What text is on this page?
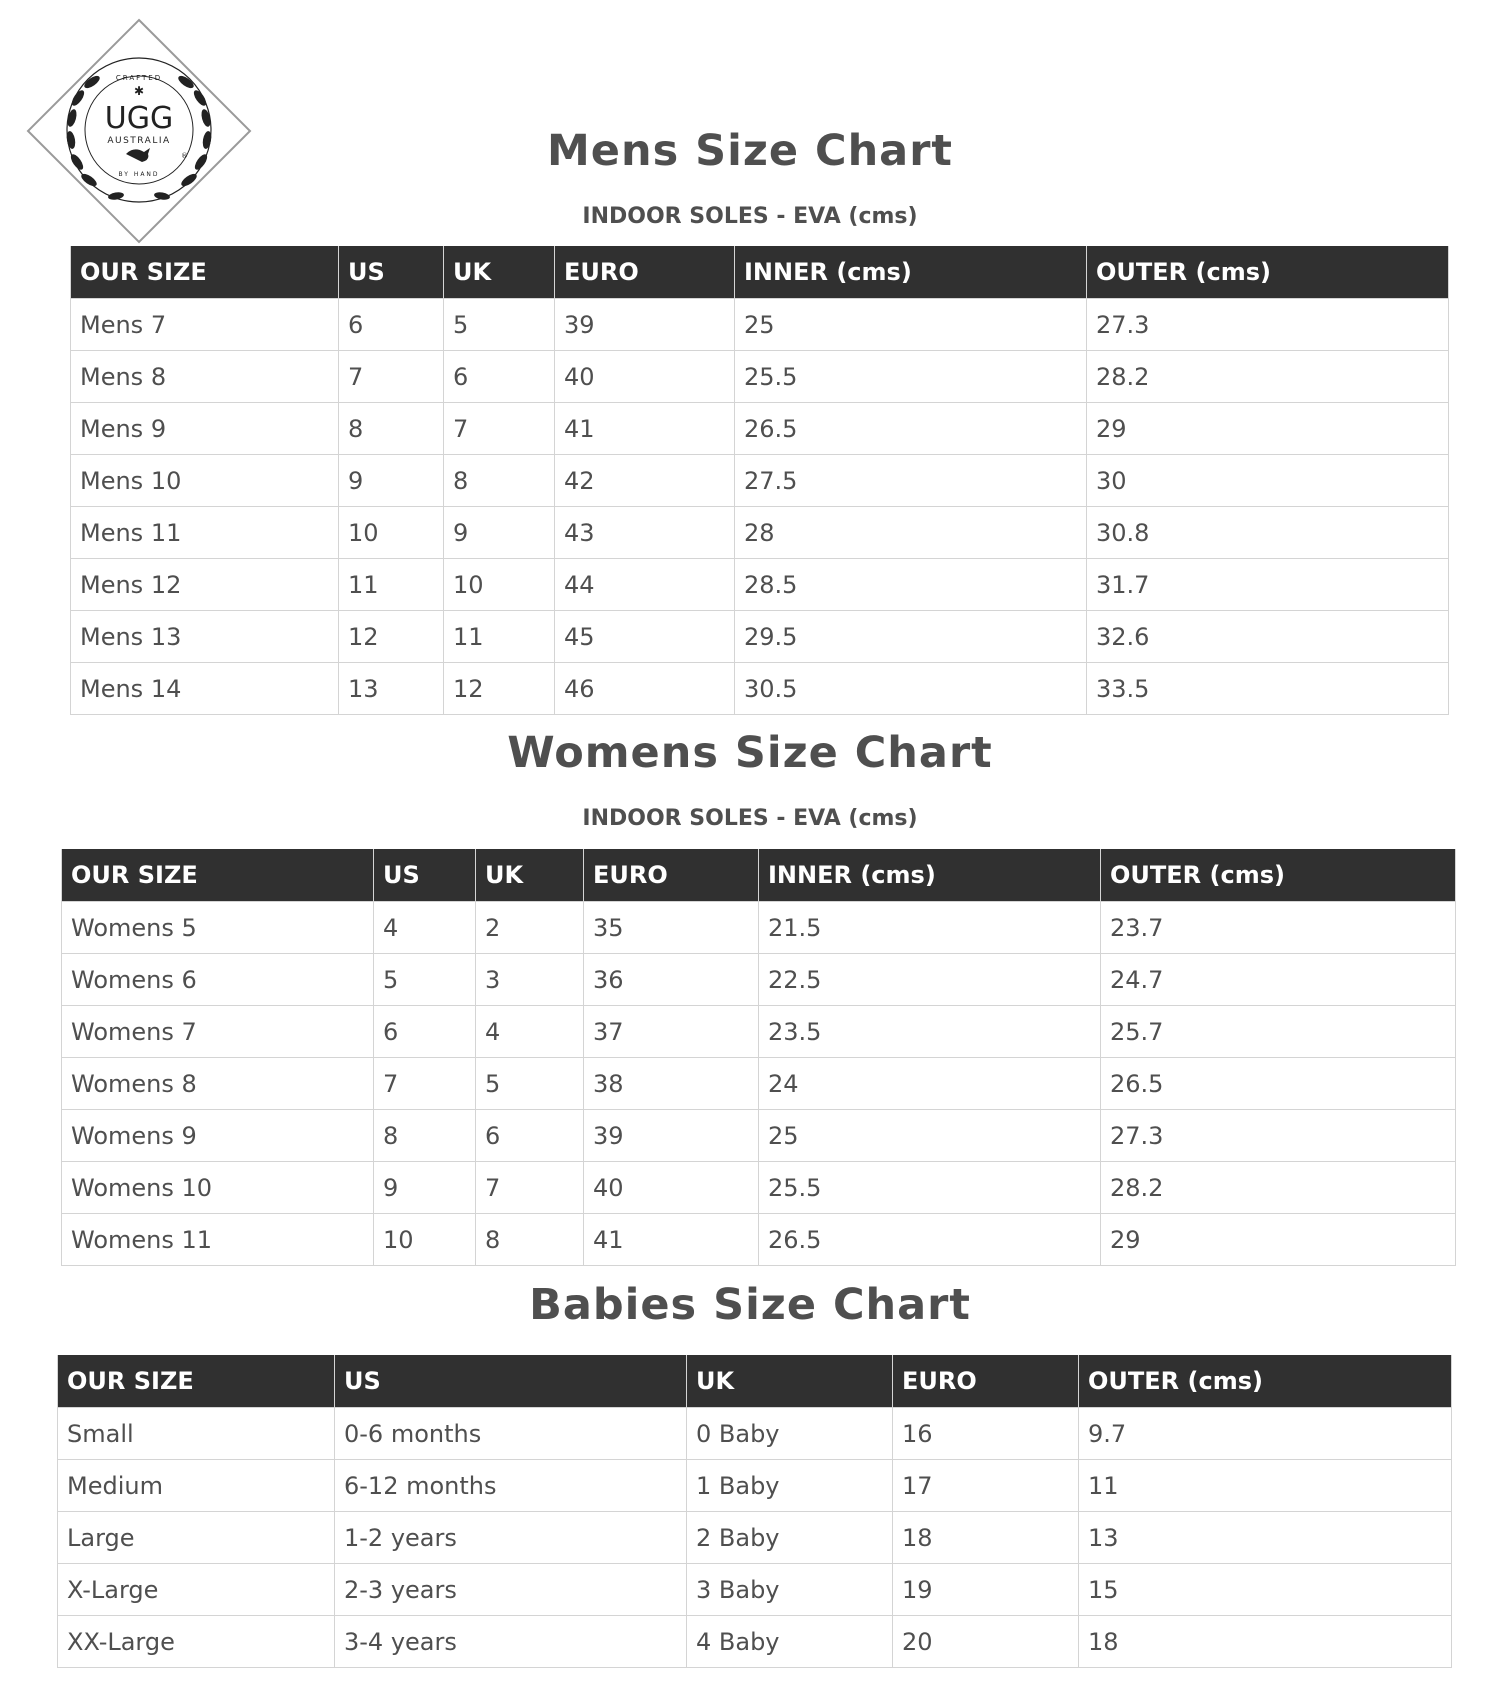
CRAFTED
✱
UGG
AUSTRALIA
®
BY HAND	Mens Size Chart
INDOOR SOLES - EVA (cms)
OUR SIZE	US	UK	EURO	INNER (cms)	OUTER (cms)
Mens 7	6	5	39	25	27.3
Mens 8	7	6	40	25.5	28.2
Mens 9	8	7	41	26.5	29
Mens 10	9	8	42	27.5	30
Mens 11	10	9	43	28	30.8
Mens 12	11	10	44	28.5	31.7
Mens 13	12	11	45	29.5	32.6
Mens 14	13	12	46	30.5	33.5
Womens Size Chart
INDOOR SOLES - EVA (cms)
OUR SIZE	US	UK	EURO	INNER (cms)	OUTER (cms)
Womens 5	4	2	35	21.5	23.7
Womens 6	5	3	36	22.5	24.7
Womens 7	6	4	37	23.5	25.7
Womens 8	7	5	38	24	26.5
Womens 9	8	6	39	25	27.3
Womens 10	9	7	40	25.5	28.2
Womens 11	10	8	41	26.5	29
Babies Size Chart
OUR SIZE	US	UK	EURO	OUTER (cms)
Small	0-6 months	0 Baby	16	9.7
Medium	6-12 months	1 Baby	17	11
Large	1-2 years	2 Baby	18	13
X-Large	2-3 years	3 Baby	19	15
XX-Large	3-4 years	4 Baby	20	18
